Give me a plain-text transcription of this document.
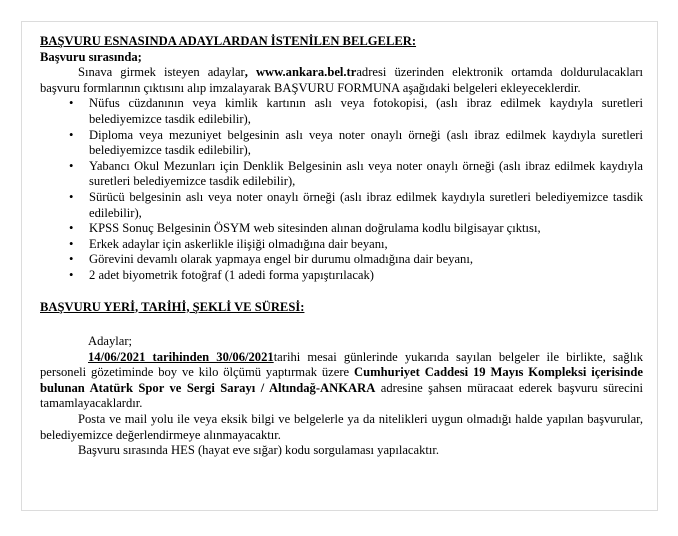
BAŞVURU ESNASINDA ADAYLARDAN İSTENİLEN BELGELER:
Başvuru sırasında;
Sınava girmek isteyen adaylar, www.ankara.bel.tradresi üzerinden elektronik ortamda doldurulacakları başvuru formlarının çıktısını alıp imzalayarak BAŞVURU FORMUNA aşağıdaki belgeleri ekleyeceklerdir.
• Nüfus cüzdanının veya kimlik kartının aslı veya fotokopisi, (aslı ibraz edilmek kaydıyla suretleri belediyemizce tasdik edilebilir),
• Diploma veya mezuniyet belgesinin aslı veya noter onaylı örneği (aslı ibraz edilmek kaydıyla suretleri belediyemizce tasdik edilebilir),
• Yabancı Okul Mezunları için Denklik Belgesinin aslı veya noter onaylı örneği (aslı ibraz edilmek kaydıyla suretleri belediyemizce tasdik edilebilir),
• Sürücü belgesinin aslı veya noter onaylı örneği (aslı ibraz edilmek kaydıyla suretleri belediyemizce tasdik edilebilir),
• KPSS Sonuç Belgesinin ÖSYM web sitesinden alınan doğrulama kodlu bilgisayar çıktısı,
• Erkek adaylar için askerlikle ilişiği olmadığına dair beyanı,
• Görevini devamlı olarak yapmaya engel bir durumu olmadığına dair beyanı,
• 2 adet biyometrik fotoğraf (1 adedi forma yapıştırılacak)
BAŞVURU YERİ, TARİHİ, ŞEKLİ VE SÜRESİ:
Adaylar;
14/06/2021 tarihinden 30/06/2021tarihi mesai günlerinde yukarıda sayılan belgeler ile birlikte, sağlık personeli gözetiminde boy ve kilo ölçümü yaptırmak üzere Cumhuriyet Caddesi 19 Mayıs Kompleksi içerisinde bulunan Atatürk Spor ve Sergi Sarayı / Altındağ-ANKARA adresine şahsen müracaat ederek başvuru sürecini tamamlayacaklardır.
Posta ve mail yolu ile veya eksik bilgi ve belgelerle ya da nitelikleri uygun olmadığı halde yapılan başvurular, belediyemizce değerlendirmeye alınmayacaktır.
Başvuru sırasında HES (hayat eve sığar) kodu sorgulaması yapılacaktır.
